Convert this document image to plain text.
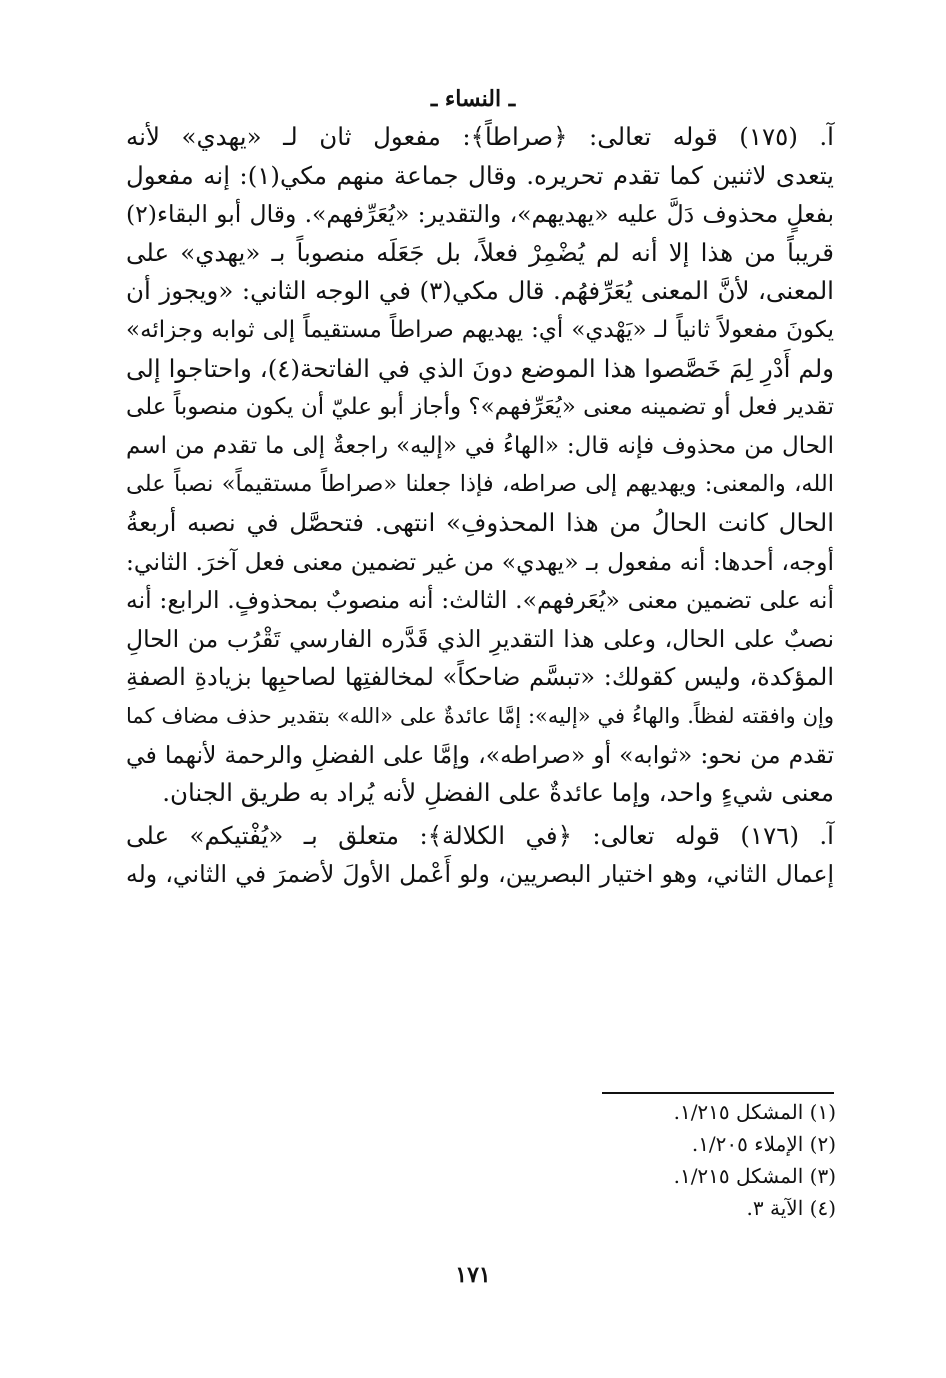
ـ النساء ـ

آ. (١٧٥) قوله تعالى: ﴿صراطاً﴾: مفعول ثان لـ «يهدي» لأنه
يتعدى لاثنين كما تقدم تحريره. وقال جماعة منهم مكي(١): إنه مفعول
بفعلٍ محذوف دَلَّ عليه «يهديهم»، والتقدير: «يُعَرِّفهم». وقال أبو البقاء(٢)
قريباً من هذا إلا أنه لم يُضْمِرْ فعلاً، بل جَعَلَه منصوباً بـ «يهدي» على
المعنى، لأنَّ المعنى يُعَرِّفهُم. قال مكي(٣) في الوجه الثاني: «ويجوز أن
يكونَ مفعولاً ثانياً لـ «يَهْدي» أي: يهديهم صراطاً مستقيماً إلى ثوابه وجزائه»
ولم أَدْرِ لِمَ خَصَّصوا هذا الموضع دونَ الذي في الفاتحة(٤)، واحتاجوا إلى
تقدير فعل أو تضمينه معنى «يُعَرِّفهم»؟ وأجاز أبو عليّ أن يكون منصوباً على
الحال من محذوف فإنه قال: «الهاءُ في «إليه» راجعةٌ إلى ما تقدم من اسم
الله، والمعنى: ويهديهم إلى صراطه، فإذا جعلنا «صراطاً مستقيماً» نصباً على
الحال كانت الحالُ من هذا المحذوفِ» انتهى. فتحصَّل في نصبه أربعةُ
أوجه، أحدها: أنه مفعول بـ «يهدي» من غير تضمين معنى فعل آخرَ. الثاني:
أنه على تضمين معنى «يُعَرفهم». الثالث: أنه منصوبٌ بمحذوفٍ. الرابع: أنه
نصبٌ على الحال، وعلى هذا التقديرِ الذي قَدَّره الفارسي تَقْرُب من الحالِ
المؤكدة، وليس كقولك: «تبسَّم ضاحكاً» لمخالفتِها لصاحبِها بزيادةِ الصفةِ
وإن وافقته لفظاً. والهاءُ في «إليه»: إمَّا عائدةٌ على «الله» بتقدير حذف مضاف كما
تقدم من نحو: «ثوابه» أو «صراطه»، وإمَّا على الفضلِ والرحمة لأنهما في
معنى شيءٍ واحد، وإما عائدةٌ على الفضلِ لأنه يُراد به طريق الجنان.

آ. (١٧٦) قوله تعالى: ﴿في الكلالة﴾: متعلق بـ «يُفْتيكم» على
إعمال الثاني، وهو اختيار البصريين، ولو أَعْمل الأولَ لأضمرَ في الثاني، وله

(١) المشكل ١/٢١٥.
(٢) الإملاء ١/٢٠٥.
(٣) المشكل ١/٢١٥.
(٤) الآية ٣.
١٧١
